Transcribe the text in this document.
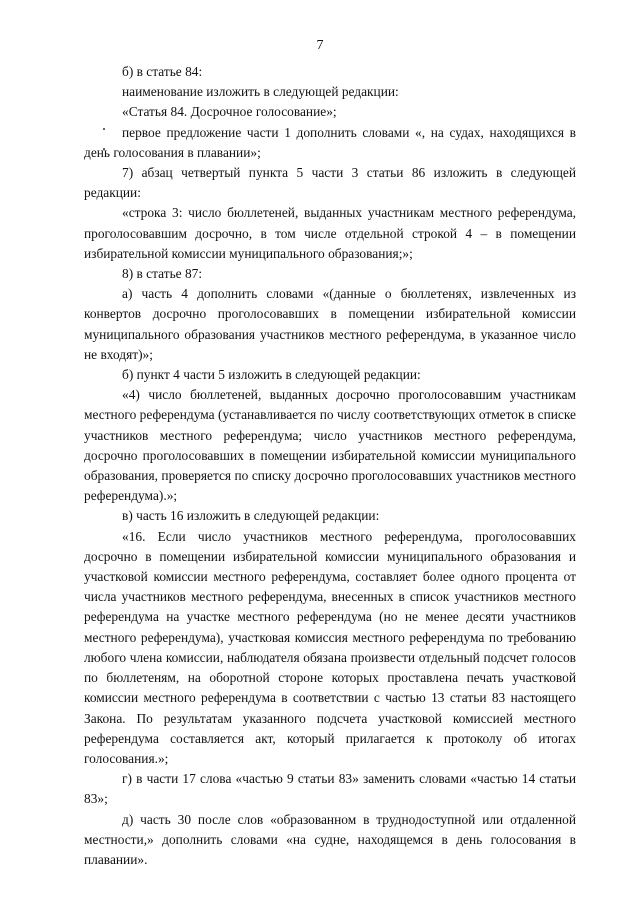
7

б) в статье 84:

наименование изложить в следующей редакции:

«Статья 84. Досрочное голосование»;

первое предложение части 1 дополнить словами «, на судах, находящихся в день голосования в плавании»;

7) абзац четвертый пункта 5 части 3 статьи 86 изложить в следующей редакции:

«строка 3: число бюллетеней, выданных участникам местного референдума, проголосовавшим досрочно, в том числе отдельной строкой 4 – в помещении избирательной комиссии муниципального образования;»;

8) в статье 87:

а) часть 4 дополнить словами «(данные о бюллетенях, извлеченных из конвертов досрочно проголосовавших в помещении избирательной комиссии муниципального образования участников местного референдума, в указанное число не входят)»;

б) пункт 4 части 5 изложить в следующей редакции:

«4) число бюллетеней, выданных досрочно проголосовавшим участникам местного референдума (устанавливается по числу соответствующих отметок в списке участников местного референдума; число участников местного референдума, досрочно проголосовавших в помещении избирательной комиссии муниципального образования, проверяется по списку досрочно проголосовавших участников местного референдума).»;

в) часть 16 изложить в следующей редакции:

«16. Если число участников местного референдума, проголосовавших досрочно в помещении избирательной комиссии муниципального образования и участковой комиссии местного референдума, составляет более одного процента от числа участников местного референдума, внесенных в список участников местного референдума на участке местного референдума (но не менее десяти участников местного референдума), участковая комиссия местного референдума по требованию любого члена комиссии, наблюдателя обязана произвести отдельный подсчет голосов по бюллетеням, на оборотной стороне которых проставлена печать участковой комиссии местного референдума в соответствии с частью 13 статьи 83 настоящего Закона. По результатам указанного подсчета участковой комиссией местного референдума составляется акт, который прилагается к протоколу об итогах голосования.»;

г) в части 17 слова «частью 9 статьи 83» заменить словами «частью 14 статьи 83»;

д) часть 30 после слов «образованном в труднодоступной или отдаленной местности,» дополнить словами «на судне, находящемся в день голосования в плавании».
